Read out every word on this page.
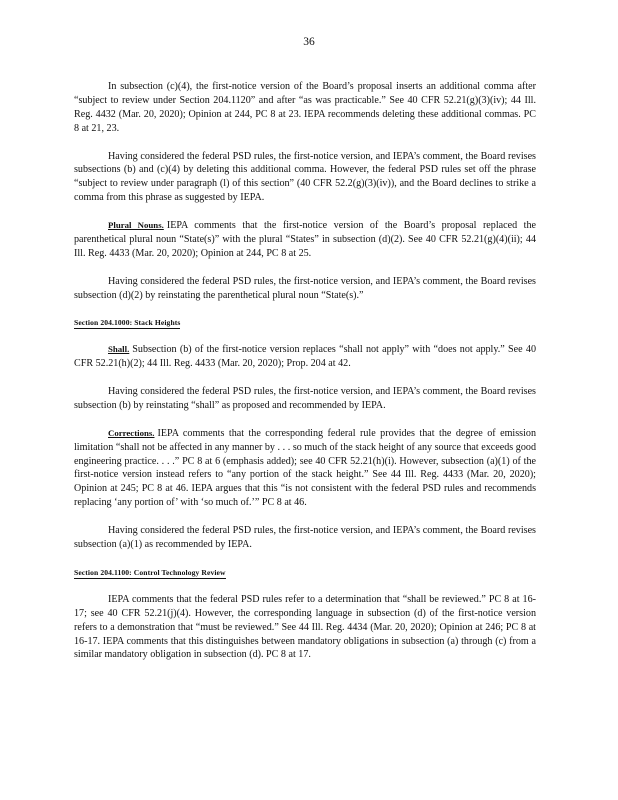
36

In subsection (c)(4), the first-notice version of the Board’s proposal inserts an additional comma after “subject to review under Section 204.1120” and after “as was practicable.” See 40 CFR 52.21(g)(3)(iv); 44 Ill. Reg. 4432 (Mar. 20, 2020); Opinion at 244, PC 8 at 23. IEPA recommends deleting these additional commas. PC 8 at 21, 23.

Having considered the federal PSD rules, the first-notice version, and IEPA’s comment, the Board revises subsections (b) and (c)(4) by deleting this additional comma. However, the federal PSD rules set off the phrase “subject to review under paragraph (l) of this section” (40 CFR 52.2(g)(3)(iv)), and the Board declines to strike a comma from this phrase as suggested by IEPA.

Plural Nouns. IEPA comments that the first-notice version of the Board’s proposal replaced the parenthetical plural noun “State(s)” with the plural “States” in subsection (d)(2). See 40 CFR 52.21(g)(4)(ii); 44 Ill. Reg. 4433 (Mar. 20, 2020); Opinion at 244, PC 8 at 25.

Having considered the federal PSD rules, the first-notice version, and IEPA’s comment, the Board revises subsection (d)(2) by reinstating the parenthetical plural noun “State(s).”

Section 204.1000: Stack Heights

Shall. Subsection (b) of the first-notice version replaces “shall not apply” with “does not apply.” See 40 CFR 52.21(h)(2); 44 Ill. Reg. 4433 (Mar. 20, 2020); Prop. 204 at 42.

Having considered the federal PSD rules, the first-notice version, and IEPA’s comment, the Board revises subsection (b) by reinstating “shall” as proposed and recommended by IEPA.

Corrections. IEPA comments that the corresponding federal rule provides that the degree of emission limitation “shall not be affected in any manner by . . . so much of the stack height of any source that exceeds good engineering practice. . . .” PC 8 at 6 (emphasis added); see 40 CFR 52.21(h)(i). However, subsection (a)(1) of the first-notice version instead refers to “any portion of the stack height.” See 44 Ill. Reg. 4433 (Mar. 20, 2020); Opinion at 245; PC 8 at 46. IEPA argues that this “is not consistent with the federal PSD rules and recommends replacing ‘any portion of’ with ‘so much of.’” PC 8 at 46.

Having considered the federal PSD rules, the first-notice version, and IEPA’s comment, the Board revises subsection (a)(1) as recommended by IEPA.

Section 204.1100: Control Technology Review

IEPA comments that the federal PSD rules refer to a determination that “shall be reviewed.” PC 8 at 16-17; see 40 CFR 52.21(j)(4). However, the corresponding language in subsection (d) of the first-notice version refers to a demonstration that “must be reviewed.” See 44 Ill. Reg. 4434 (Mar. 20, 2020); Opinion at 246; PC 8 at 16-17. IEPA comments that this distinguishes between mandatory obligations in subsection (a) through (c) from a similar mandatory obligation in subsection (d). PC 8 at 17.
